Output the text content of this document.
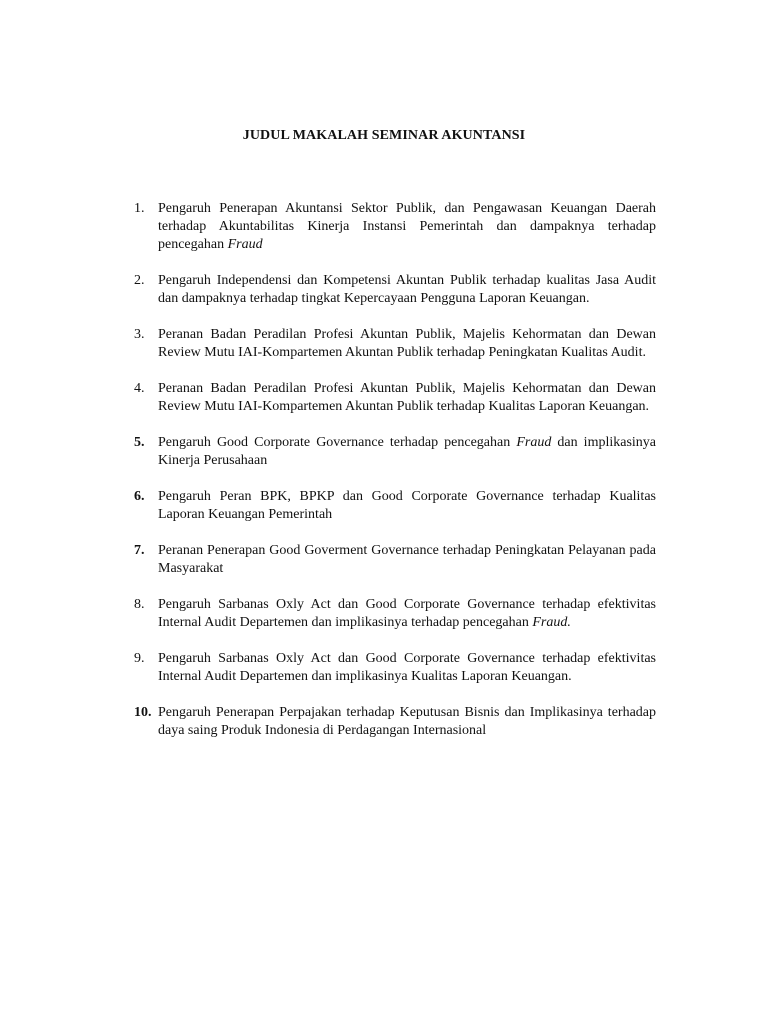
JUDUL MAKALAH SEMINAR AKUNTANSI
1. Pengaruh Penerapan Akuntansi Sektor Publik, dan Pengawasan Keuangan Daerah terhadap Akuntabilitas Kinerja Instansi Pemerintah dan dampaknya terhadap pencegahan Fraud
2. Pengaruh Independensi dan Kompetensi Akuntan Publik terhadap kualitas Jasa Audit dan dampaknya terhadap tingkat Kepercayaan Pengguna Laporan Keuangan.
3. Peranan Badan Peradilan Profesi Akuntan Publik, Majelis Kehormatan dan Dewan Review Mutu IAI-Kompartemen Akuntan Publik terhadap Peningkatan Kualitas Audit.
4. Peranan Badan Peradilan Profesi Akuntan Publik, Majelis Kehormatan dan Dewan Review Mutu IAI-Kompartemen Akuntan Publik terhadap Kualitas Laporan Keuangan.
5. Pengaruh Good Corporate Governance terhadap pencegahan Fraud dan implikasinya Kinerja Perusahaan
6. Pengaruh Peran BPK, BPKP dan Good Corporate Governance terhadap Kualitas Laporan Keuangan Pemerintah
7. Peranan Penerapan Good Goverment Governance terhadap Peningkatan Pelayanan pada Masyarakat
8. Pengaruh Sarbanas Oxly Act dan Good Corporate Governance terhadap efektivitas Internal Audit Departemen dan implikasinya terhadap pencegahan Fraud.
9. Pengaruh Sarbanas Oxly Act dan Good Corporate Governance terhadap efektivitas Internal Audit Departemen dan implikasinya Kualitas Laporan Keuangan.
10. Pengaruh Penerapan Perpajakan terhadap Keputusan Bisnis dan Implikasinya terhadap daya saing Produk Indonesia di Perdagangan Internasional
